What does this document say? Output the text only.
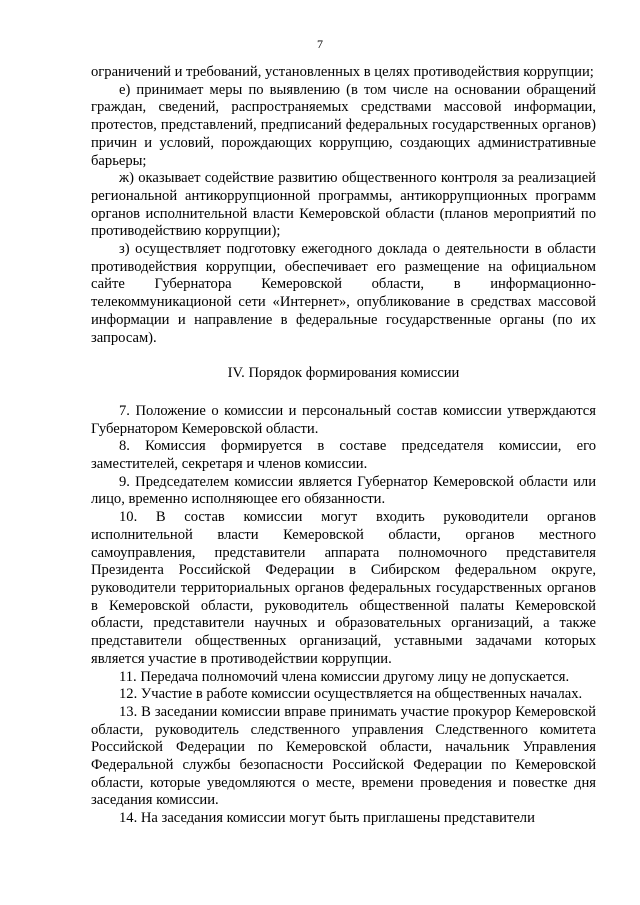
7

ограничений и требований, установленных в целях противодействия коррупции;

е) принимает меры по выявлению (в том числе на основании обращений граждан, сведений, распространяемых средствами массовой информации, протестов, представлений, предписаний федеральных государственных органов) причин и условий, порождающих коррупцию, создающих административные барьеры;

ж) оказывает содействие развитию общественного контроля за реализацией региональной антикоррупционной программы, антикоррупционных программ органов исполнительной власти Кемеровской области (планов мероприятий по противодействию коррупции);

з) осуществляет подготовку ежегодного доклада о деятельности в области противодействия коррупции, обеспечивает его размещение на официальном сайте Губернатора Кемеровской области, в информационно-телекоммуникационой сети «Интернет», опубликование в средствах массовой информации и направление в федеральные государственные органы (по их запросам).

IV. Порядок формирования комиссии

7. Положение о комиссии и персональный состав комиссии утверждаются Губернатором Кемеровской области.

8. Комиссия формируется в составе председателя комиссии, его заместителей, секретаря и членов комиссии.

9. Председателем комиссии является Губернатор Кемеровской области или лицо, временно исполняющее его обязанности.

10. В состав комиссии могут входить руководители органов исполнительной власти Кемеровской области, органов местного самоуправления, представители аппарата полномочного представителя Президента Российской Федерации в Сибирском федеральном округе, руководители территориальных органов федеральных государственных органов в Кемеровской области, руководитель общественной палаты Кемеровской области, представители научных и образовательных организаций, а также представители общественных организаций, уставными задачами которых является участие в противодействии коррупции.

11. Передача полномочий члена комиссии другому лицу не допускается.

12. Участие в работе комиссии осуществляется на общественных началах.

13. В заседании комиссии вправе принимать участие прокурор Кемеровской области, руководитель следственного управления Следственного комитета Российской Федерации по Кемеровской области, начальник Управления Федеральной службы безопасности Российской Федерации по Кемеровской области, которые уведомляются о месте, времени проведения и повестке дня заседания комиссии.

14. На заседания комиссии могут быть приглашены представители
